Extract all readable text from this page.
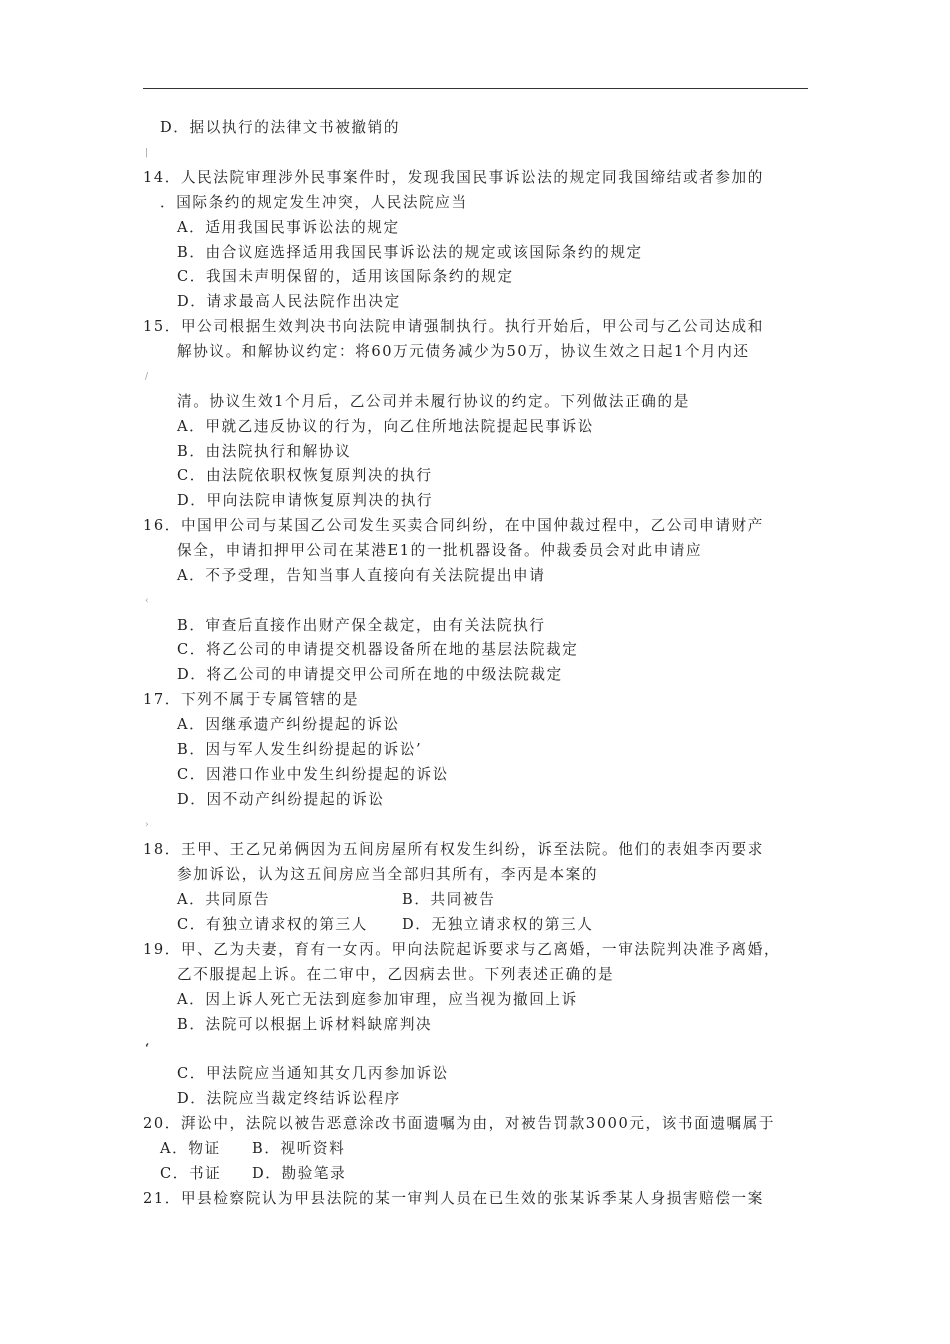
D．据以执行的法律文书被撤销的
|
14．人民法院审理涉外民事案件时，发现我国民事诉讼法的规定同我国缔结或者参加的
．国际条约的规定发生冲突，人民法院应当
A．适用我国民事诉讼法的规定
B．由合议庭选择适用我国民事诉讼法的规定或该国际条约的规定
C．我国未声明保留的，适用该国际条约的规定
D．请求最高人民法院作出决定
15．甲公司根据生效判决书向法院申请强制执行。执行开始后，甲公司与乙公司达成和
解协议。和解协议约定：将60万元债务减少为50万，协议生效之日起1个月内还
/
清。协议生效1个月后，乙公司并未履行协议的约定。下列做法正确的是
A．甲就乙违反协议的行为，向乙住所地法院提起民事诉讼
B．由法院执行和解协议
C．由法院依职权恢复原判决的执行
D．甲向法院申请恢复原判决的执行
16．中国甲公司与某国乙公司发生买卖合同纠纷，在中国仲裁过程中，乙公司申请财产
保全，申请扣押甲公司在某港E1的一批机器设备。仲裁委员会对此申请应
A．不予受理，告知当事人直接向有关法院提出申请
‹
B．审查后直接作出财产保全裁定，由有关法院执行
C．将乙公司的申请提交机器设备所在地的基层法院裁定
D．将乙公司的申请提交甲公司所在地的中级法院裁定
17．下列不属于专属管辖的是
A．因继承遗产纠纷提起的诉讼
B．因与军人发生纠纷提起的诉讼’
C．因港口作业中发生纠纷提起的诉讼
D．因不动产纠纷提起的诉讼
›
18．王甲、王乙兄弟俩因为五间房屋所有权发生纠纷，诉至法院。他们的表姐李丙要求
参加诉讼，认为这五间房应当全部归其所有，李丙是本案的
A．共同原告	B．共同被告
C．有独立请求权的第三人 D．无独立请求权的第三人
19．甲、乙为夫妻，育有一女丙。甲向法院起诉要求与乙离婚，一审法院判决准予离婚，
乙不服提起上诉。在二审中，乙因病去世。下列表述正确的是
A．因上诉人死亡无法到庭参加审理，应当视为撤回上诉
B．法院可以根据上诉材料缺席判决
ʻ
C．甲法院应当通知其女几丙参加诉讼
D．法院应当裁定终结诉讼程序
20．湃讼中，法院以被告恶意涂改书面遗嘱为由，对被告罚款3000元，该书面遗嘱属于
A．物证 B．视听资料
C．书证 D．勘验笔录
21．甲县检察院认为甲县法院的某一审判人员在已生效的张某诉季某人身损害赔偿一案
